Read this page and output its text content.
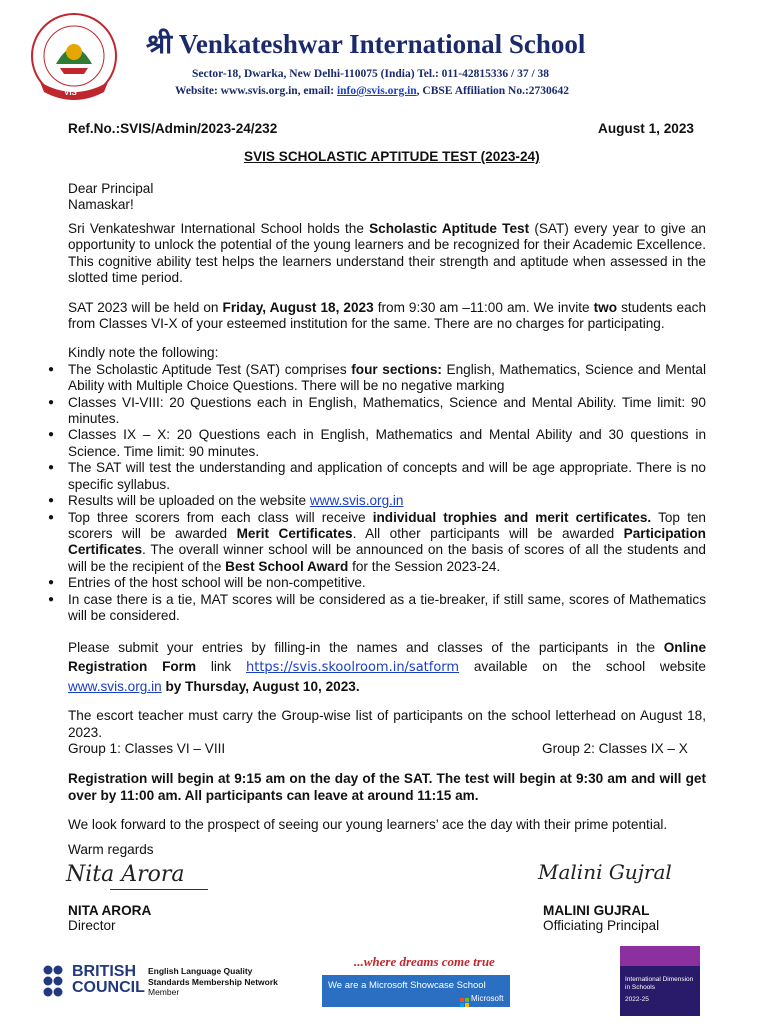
VIS
श्री Venkateshwar International School
Sector-18, Dwarka, New Delhi-110075 (India) Tel.: 011-42815336 / 37 / 38
Website: www.svis.org.in, email: info@svis.org.in, CBSE Affiliation No.:2730642
Ref.No.:SVIS/Admin/2023-24/232	August 1, 2023
SVIS SCHOLASTIC APTITUDE TEST (2023-24)
Dear Principal
Namaskar!

Sri Venkateshwar International School holds the Scholastic Aptitude Test (SAT) every year to give an opportunity to unlock the potential of the young learners and be recognized for their Academic Excellence. This cognitive ability test helps the learners understand their strength and aptitude when assessed in the slotted time period.

SAT 2023 will be held on Friday, August 18, 2023 from 9:30 am –11:00 am. We invite two students each from Classes VI-X of your esteemed institution for the same. There are no charges for participating.

Kindly note the following:

● The Scholastic Aptitude Test (SAT) comprises four sections: English, Mathematics, Science and Mental Ability with Multiple Choice Questions. There will be no negative marking
● Classes VI-VIII: 20 Questions each in English, Mathematics, Science and Mental Ability. Time limit: 90 minutes.
● Classes IX – X: 20 Questions each in English, Mathematics and Mental Ability and 30 questions in Science. Time limit: 90 minutes.
● The SAT will test the understanding and application of concepts and will be age appropriate. There is no specific syllabus.
● Results will be uploaded on the website www.svis.org.in
● Top three scorers from each class will receive individual trophies and merit certificates. Top ten scorers will be awarded Merit Certificates. All other participants will be awarded Participation Certificates. The overall winner school will be announced on the basis of scores of all the students and will be the recipient of the Best School Award for the Session 2023-24.
● Entries of the host school will be non-competitive.
● In case there is a tie, MAT scores will be considered as a tie-breaker, if still same, scores of Mathematics will be considered.

Please submit your entries by filling-in the names and classes of the participants in the Online Registration Form link https://svis.skoolroom.in/satform available on the school website www.svis.org.in by Thursday, August 10, 2023.

The escort teacher must carry the Group-wise list of participants on the school letterhead on August 18, 2023.

Group 1: Classes VI – VIII	Group 2: Classes IX – X

Registration will begin at 9:15 am on the day of the SAT. The test will begin at 9:30 am and will get over by 11:00 am. All participants can leave at around 11:15 am.

We look forward to the prospect of seeing our young learners’ ace the day with their prime potential.

Warm regards

Nita Arora
NITA ARORA
Director
Malini Gujral
MALINI GUJRAL
Officiating Principal
BRITISH
COUNCIL
English Language Quality
Standards Membership Network
Member
...where dreams come true
We are a Microsoft Showcase School
Microsoft
International Dimension in Schools
2022-25
